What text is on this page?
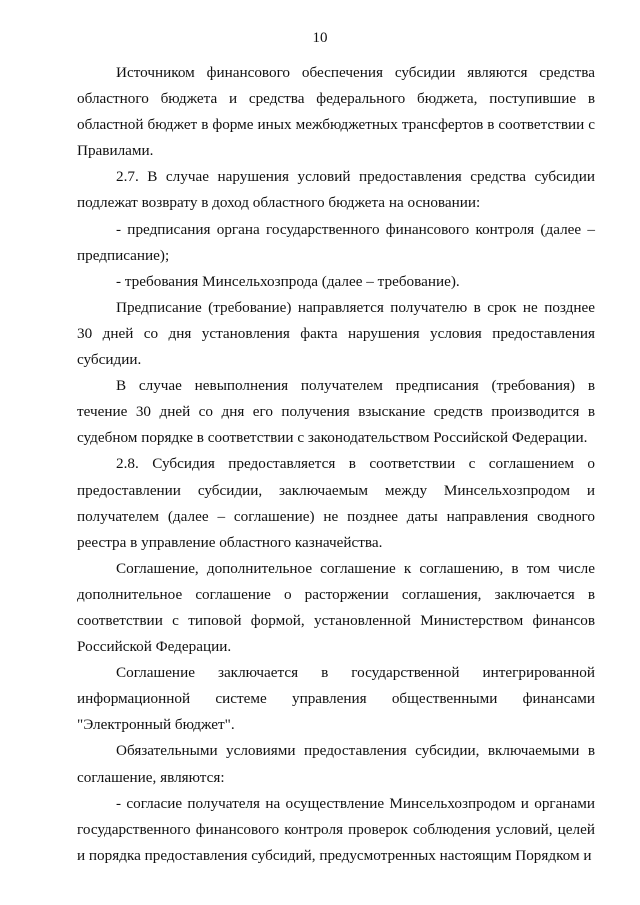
10

Источником финансового обеспечения субсидии являются средства областного бюджета и средства федерального бюджета, поступившие в областной бюджет в форме иных межбюджетных трансфертов в соответствии с Правилами.

2.7. В случае нарушения условий предоставления средства субсидии подлежат возврату в доход областного бюджета на основании:

- предписания органа государственного финансового контроля (далее – предписание);

- требования Минсельхозпрода (далее – требование).

Предписание (требование) направляется получателю в срок не позднее 30 дней со дня установления факта нарушения условия предоставления субсидии.

В случае невыполнения получателем предписания (требования) в течение 30 дней со дня его получения взыскание средств производится в судебном порядке в соответствии с законодательством Российской Федерации.

2.8. Субсидия предоставляется в соответствии с соглашением о предоставлении субсидии, заключаемым между Минсельхозпродом и получателем (далее – соглашение) не позднее даты направления сводного реестра в управление областного казначейства.

Соглашение, дополнительное соглашение к соглашению, в том числе дополнительное соглашение о расторжении соглашения, заключается в соответствии с типовой формой, установленной Министерством финансов Российской Федерации.

Соглашение заключается в государственной интегрированной информационной системе управления общественными финансами "Электронный бюджет".

Обязательными условиями предоставления субсидии, включаемыми в соглашение, являются:

- согласие получателя на осуществление Минсельхозпродом и органами государственного финансового контроля проверок соблюдения условий, целей и порядка предоставления субсидий, предусмотренных настоящим Порядком и
